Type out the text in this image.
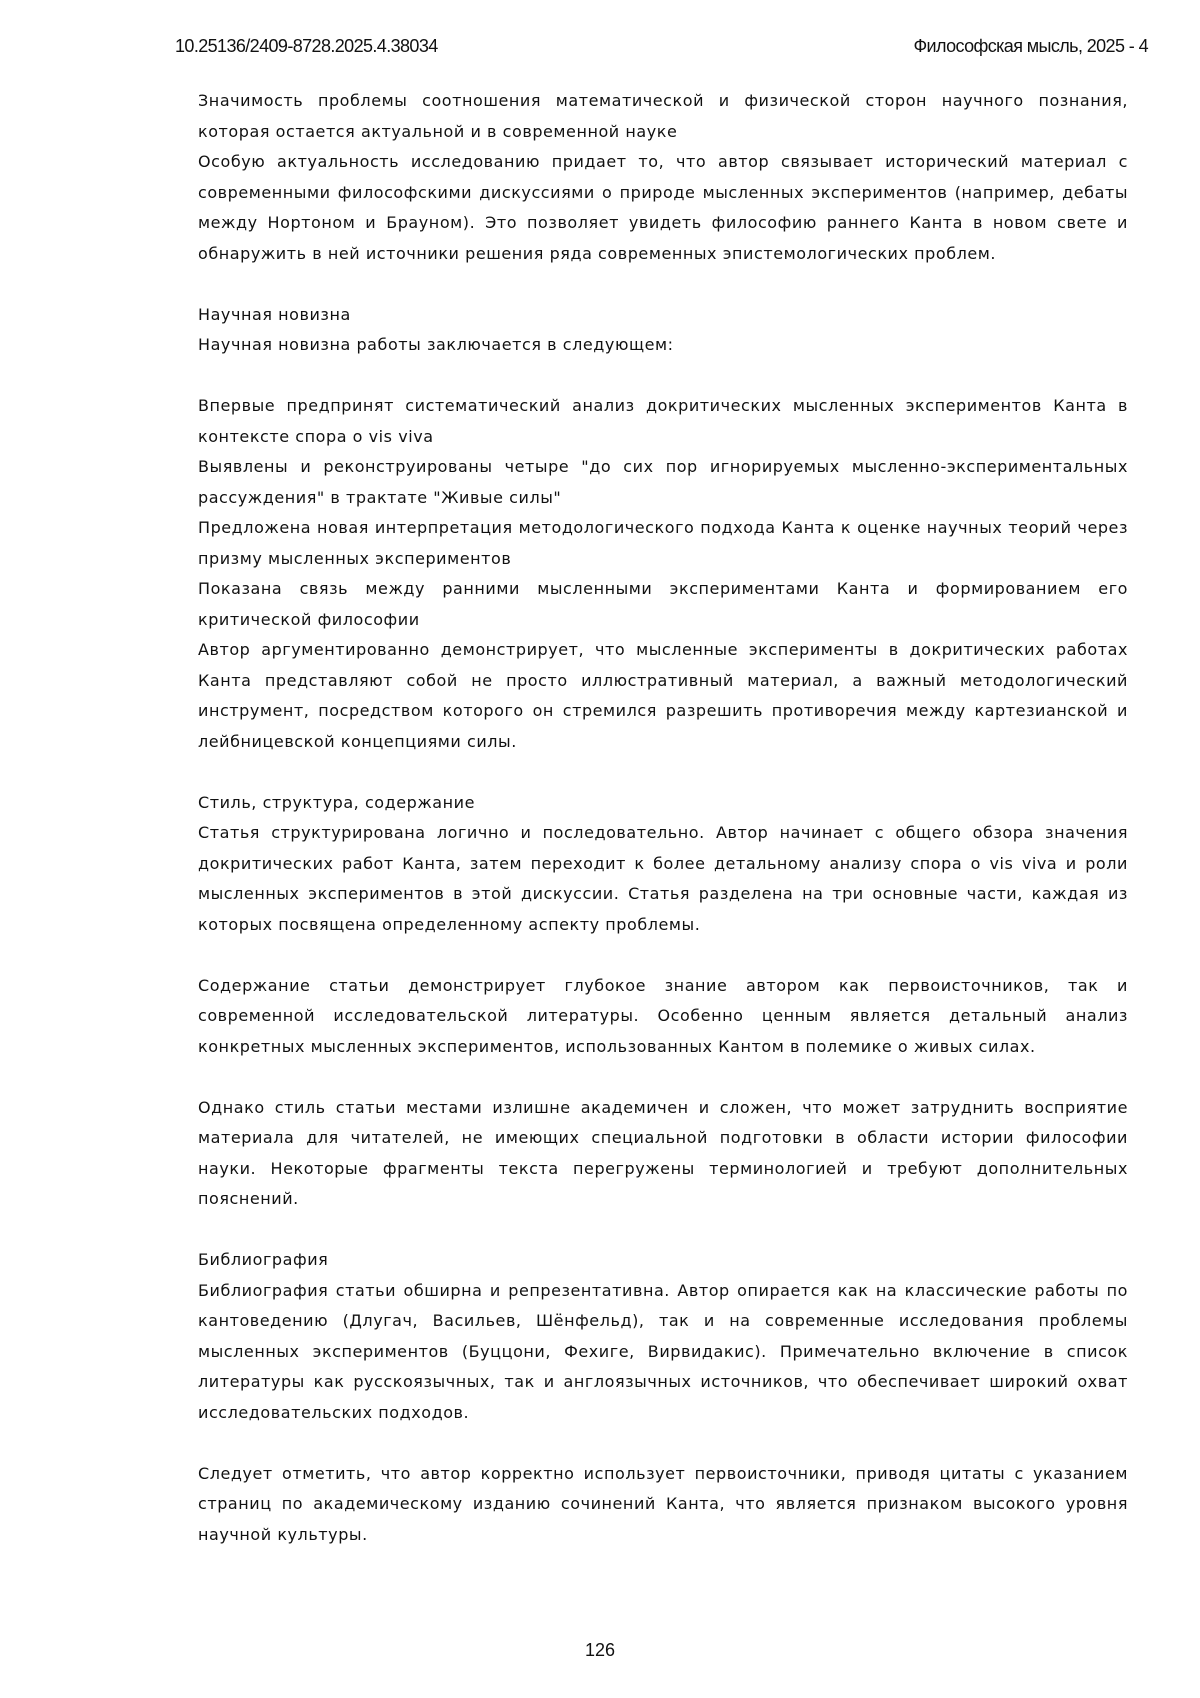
10.25136/2409-8728.2025.4.38034	Философская мысль, 2025 - 4

Значимость проблемы соотношения математической и физической сторон научного познания, которая остается актуальной и в современной науке

Особую актуальность исследованию придает то, что автор связывает исторический материал с современными философскими дискуссиями о природе мысленных экспериментов (например, дебаты между Нортоном и Брауном). Это позволяет увидеть философию раннего Канта в новом свете и обнаружить в ней источники решения ряда современных эпистемологических проблем.

Научная новизна

Научная новизна работы заключается в следующем:

Впервые предпринят систематический анализ докритических мысленных экспериментов Канта в контексте спора о vis viva

Выявлены и реконструированы четыре "до сих пор игнорируемых мысленно-экспериментальных рассуждения" в трактате "Живые силы"

Предложена новая интерпретация методологического подхода Канта к оценке научных теорий через призму мысленных экспериментов

Показана связь между ранними мысленными экспериментами Канта и формированием его критической философии

Автор аргументированно демонстрирует, что мысленные эксперименты в докритических работах Канта представляют собой не просто иллюстративный материал, а важный методологический инструмент, посредством которого он стремился разрешить противоречия между картезианской и лейбницевской концепциями силы.

Стиль, структура, содержание

Статья структурирована логично и последовательно. Автор начинает с общего обзора значения докритических работ Канта, затем переходит к более детальному анализу спора о vis viva и роли мысленных экспериментов в этой дискуссии. Статья разделена на три основные части, каждая из которых посвящена определенному аспекту проблемы.

Содержание статьи демонстрирует глубокое знание автором как первоисточников, так и современной исследовательской литературы. Особенно ценным является детальный анализ конкретных мысленных экспериментов, использованных Кантом в полемике о живых силах.

Однако стиль статьи местами излишне академичен и сложен, что может затруднить восприятие материала для читателей, не имеющих специальной подготовки в области истории философии науки. Некоторые фрагменты текста перегружены терминологией и требуют дополнительных пояснений.

Библиография

Библиография статьи обширна и репрезентативна. Автор опирается как на классические работы по кантоведению (Длугач, Васильев, Шёнфельд), так и на современные исследования проблемы мысленных экспериментов (Буццони, Фехиге, Вирвидакис). Примечательно включение в список литературы как русскоязычных, так и англоязычных источников, что обеспечивает широкий охват исследовательских подходов.

Следует отметить, что автор корректно использует первоисточники, приводя цитаты с указанием страниц по академическому изданию сочинений Канта, что является признаком высокого уровня научной культуры.

126
